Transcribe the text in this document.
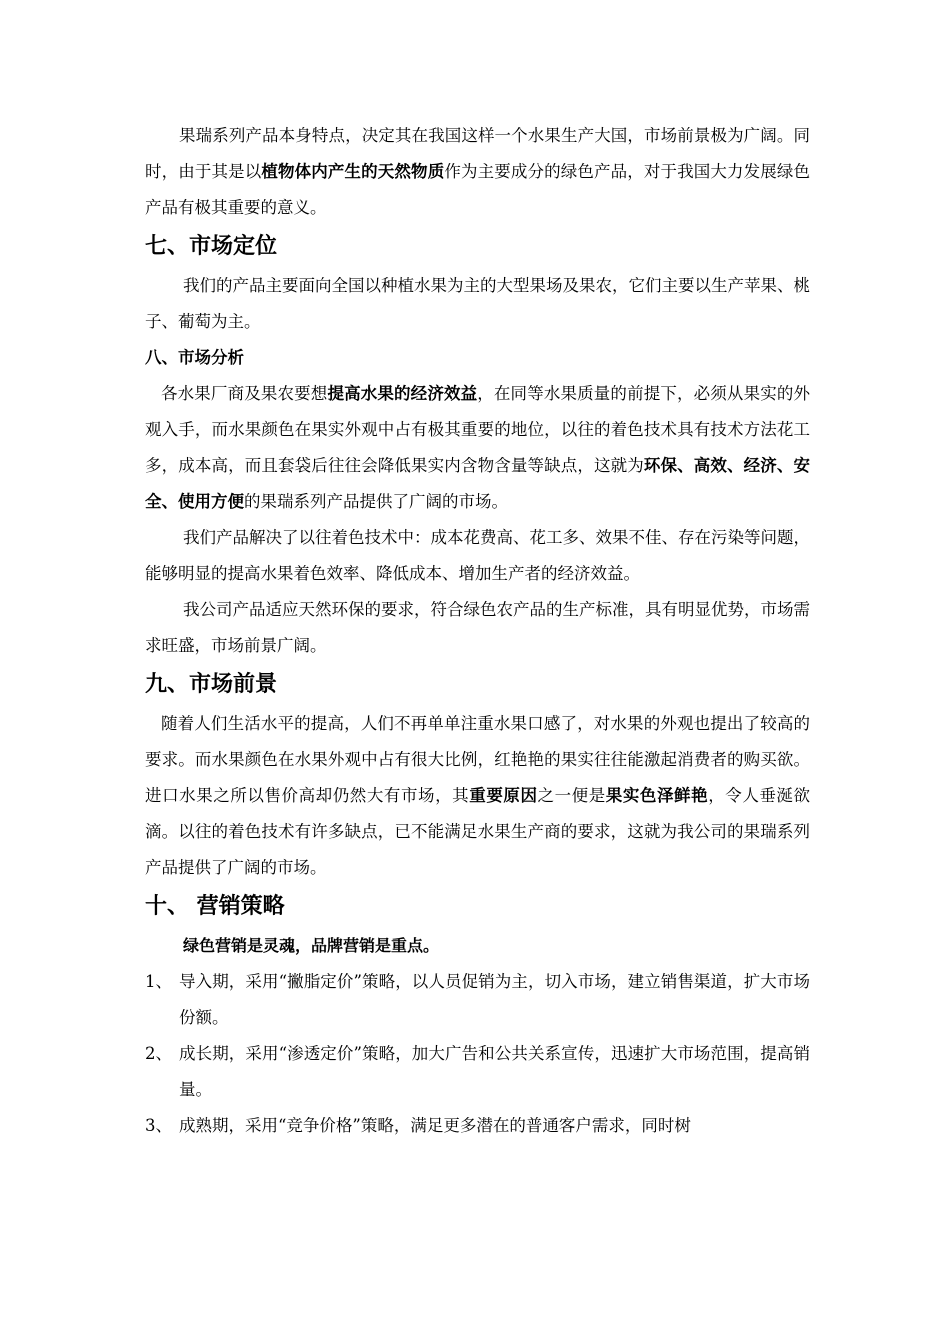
果瑞系列产品本身特点，决定其在我国这样一个水果生产大国，市场前景极为广阔。同时，由于其是以植物体内产生的天然物质作为主要成分的绿色产品，对于我国大力发展绿色产品有极其重要的意义。

七、市场定位

我们的产品主要面向全国以种植水果为主的大型果场及果农，它们主要以生产苹果、桃子、葡萄为主。

八、市场分析

各水果厂商及果农要想提高水果的经济效益，在同等水果质量的前提下，必须从果实的外观入手，而水果颜色在果实外观中占有极其重要的地位，以往的着色技术具有技术方法花工多，成本高，而且套袋后往往会降低果实内含物含量等缺点，这就为环保、高效、经济、安全、使用方便的果瑞系列产品提供了广阔的市场。

我们产品解决了以往着色技术中：成本花费高、花工多、效果不佳、存在污染等问题，能够明显的提高水果着色效率、降低成本、增加生产者的经济效益。

我公司产品适应天然环保的要求，符合绿色农产品的生产标准，具有明显优势，市场需求旺盛，市场前景广阔。

九、市场前景

随着人们生活水平的提高，人们不再单单注重水果口感了，对水果的外观也提出了较高的要求。而水果颜色在水果外观中占有很大比例，红艳艳的果实往往能激起消费者的购买欲。进口水果之所以售价高却仍然大有市场，其重要原因之一便是果实色泽鲜艳，令人垂涎欲滴。以往的着色技术有许多缺点，已不能满足水果生产商的要求，这就为我公司的果瑞系列产品提供了广阔的市场。

十、 营销策略
绿色营销是灵魂，品牌营销是重点。
1、 导入期，采用“撇脂定价”策略，以人员促销为主，切入市场，建立销售渠道，扩大市场份额。
2、 成长期，采用“渗透定价”策略，加大广告和公共关系宣传，迅速扩大市场范围，提高销量。
3、 成熟期，采用“竞争价格”策略，满足更多潜在的普通客户需求，同时树
